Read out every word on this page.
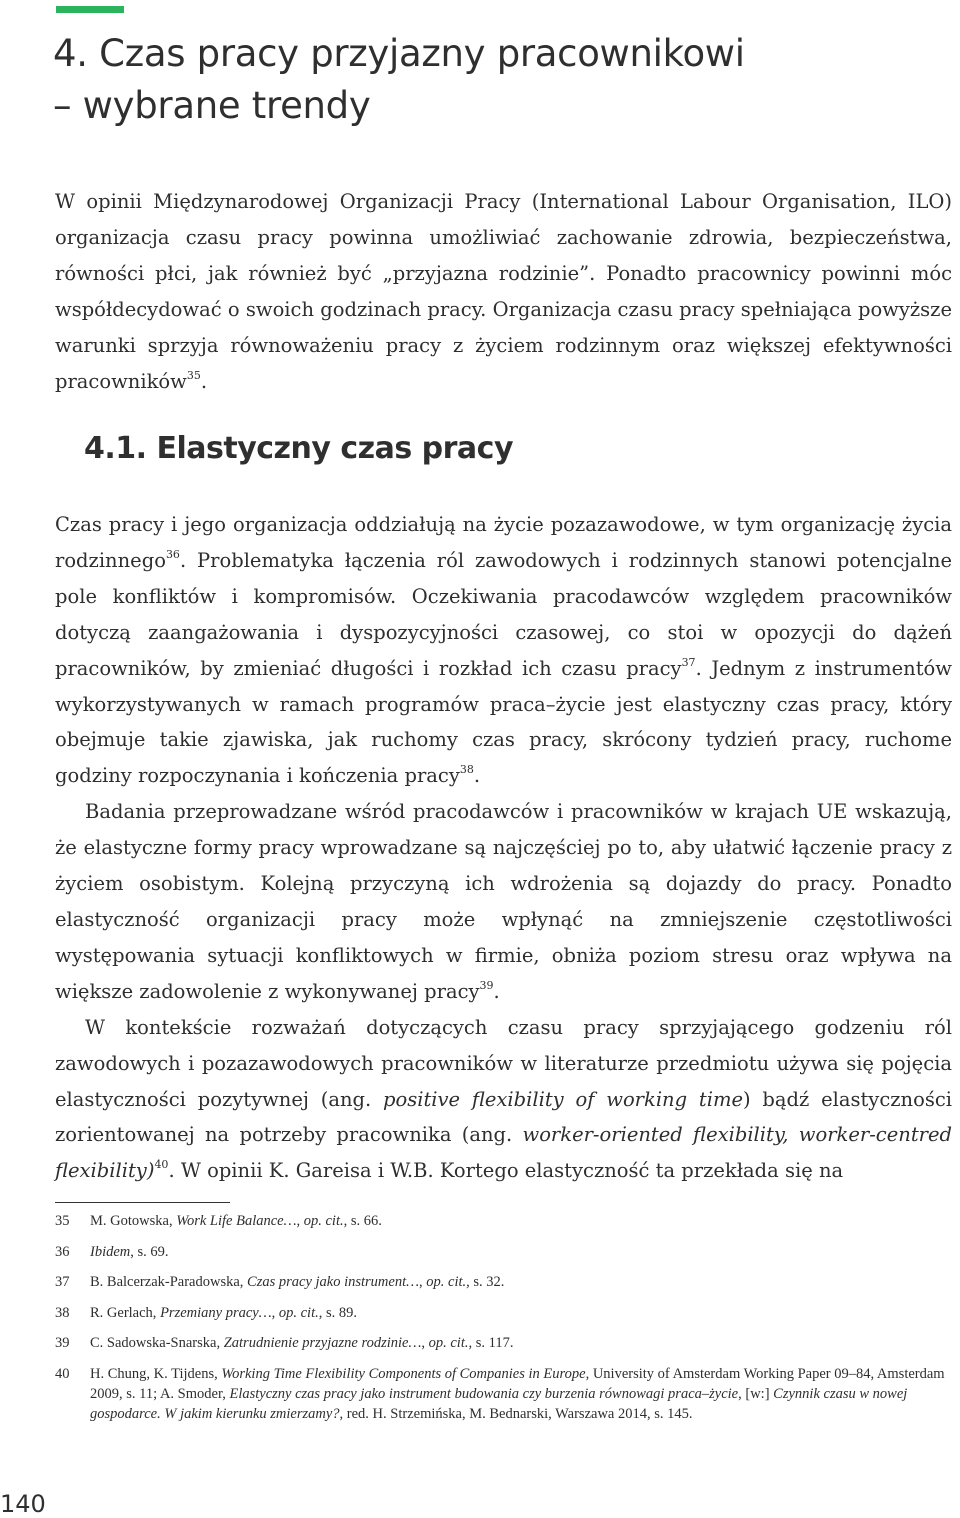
4. Czas pracy przyjazny pracownikowi
– wybrane trendy

W opinii Międzynarodowej Organizacji Pracy (International Labour Organisation, ILO) organizacja czasu pracy powinna umożliwiać zachowanie zdrowia, bezpieczeństwa, równości płci, jak również być „przyjazna rodzinie”. Ponadto pracownicy powinni móc współdecydować o swoich godzinach pracy. Organizacja czasu pracy spełniająca powyższe warunki sprzyja równoważeniu pracy z życiem rodzinnym oraz większej efektywności pracowników$^{35}$.

4.1. Elastyczny czas pracy

Czas pracy i jego organizacja oddziałują na życie pozazawodowe, w tym organizację życia rodzinnego$^{36}$. Problematyka łączenia ról zawodowych i rodzinnych stanowi potencjalne pole konfliktów i kompromisów. Oczekiwania pracodawców względem pracowników dotyczą zaangażowania i dyspozycyjności czasowej, co stoi w opozycji do dążeń pracowników, by zmieniać długości i rozkład ich czasu pracy$^{37}$. Jednym z instrumentów wykorzystywanych w ramach programów praca–życie jest elastyczny czas pracy, który obejmuje takie zjawiska, jak ruchomy czas pracy, skrócony tydzień pracy, ruchome godziny rozpoczynania i kończenia pracy$^{38}$.

Badania przeprowadzane wśród pracodawców i pracowników w krajach UE wskazują, że elastyczne formy pracy wprowadzane są najczęściej po to, aby ułatwić łączenie pracy z życiem osobistym. Kolejną przyczyną ich wdrożenia są dojazdy do pracy. Ponadto elastyczność organizacji pracy może wpłynąć na zmniejszenie częstotliwości występowania sytuacji konfliktowych w firmie, obniża poziom stresu oraz wpływa na większe zadowolenie z wykonywanej pracy$^{39}$.

W kontekście rozważań dotyczących czasu pracy sprzyjającego godzeniu ról zawodowych i pozazawodowych pracowników w literaturze przedmiotu używa się pojęcia elastyczności pozytywnej (ang. positive flexibility of working time) bądź elastyczności zorientowanej na potrzeby pracownika (ang. worker-oriented flexibility, worker-centred flexibility)$^{40}$. W opinii K. Gareisa i W.B. Kortego elastyczność ta przekłada się na

35	M. Gotowska, Work Life Balance…, op. cit., s. 66.
36	Ibidem, s. 69.
37	B. Balcerzak-Paradowska, Czas pracy jako instrument…, op. cit., s. 32.
38	R. Gerlach, Przemiany pracy…, op. cit., s. 89.
39	C. Sadowska-Snarska, Zatrudnienie przyjazne rodzinie…, op. cit., s. 117.
40	H. Chung, K. Tijdens, Working Time Flexibility Components of Companies in Europe, University of Amsterdam Working Paper 09–84, Amsterdam 2009, s. 11; A. Smoder, Elastyczny czas pracy jako instrument budowania czy burzenia równowagi praca–życie, [w:] Czynnik czasu w nowej gospodarce. W jakim kierunku zmierzamy?, red. H. Strzemińska, M. Bednarski, Warszawa 2014, s. 145.
140
